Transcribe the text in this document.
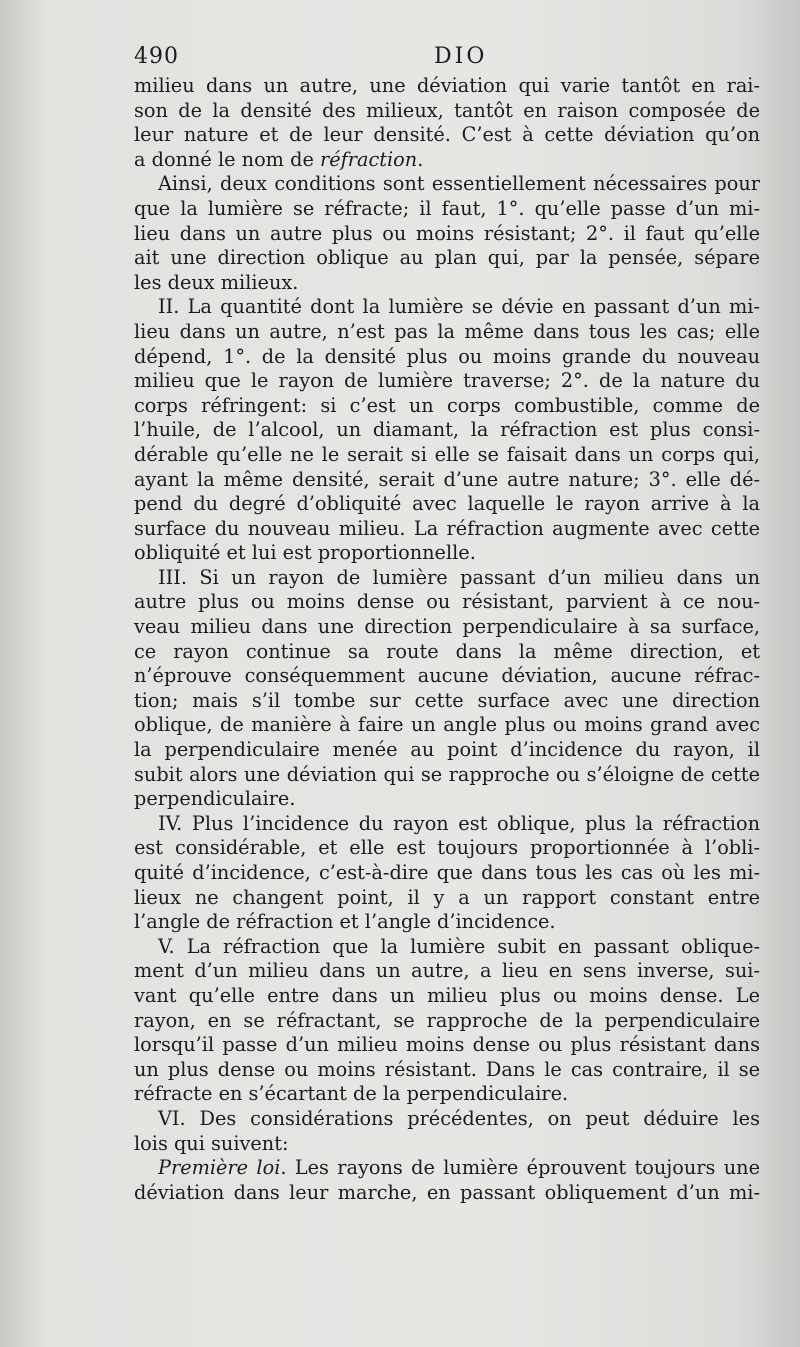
490	DIO
milieu dans un autre, une déviation qui varie tantôt en rai-
son de la densité des milieux, tantôt en raison composée de
leur nature et de leur densité. C’est à cette déviation qu’on
a donné le nom de réfraction.
Ainsi, deux conditions sont essentiellement nécessaires pour
que la lumière se réfracte; il faut, 1°. qu’elle passe d’un mi-
lieu dans un autre plus ou moins résistant; 2°. il faut qu’elle
ait une direction oblique au plan qui, par la pensée, sépare
les deux milieux.
II. La quantité dont la lumière se dévie en passant d’un mi-
lieu dans un autre, n’est pas la même dans tous les cas; elle
dépend, 1°. de la densité plus ou moins grande du nouveau
milieu que le rayon de lumière traverse; 2°. de la nature du
corps réfringent: si c’est un corps combustible, comme de
l’huile, de l’alcool, un diamant, la réfraction est plus consi-
dérable qu’elle ne le serait si elle se faisait dans un corps qui,
ayant la même densité, serait d’une autre nature; 3°. elle dé-
pend du degré d’obliquité avec laquelle le rayon arrive à la
surface du nouveau milieu. La réfraction augmente avec cette
obliquité et lui est proportionnelle.
III. Si un rayon de lumière passant d’un milieu dans un
autre plus ou moins dense ou résistant, parvient à ce nou-
veau milieu dans une direction perpendiculaire à sa surface,
ce rayon continue sa route dans la même direction, et
n’éprouve conséquemment aucune déviation, aucune réfrac-
tion; mais s’il tombe sur cette surface avec une direction
oblique, de manière à faire un angle plus ou moins grand avec
la perpendiculaire menée au point d’incidence du rayon, il
subit alors une déviation qui se rapproche ou s’éloigne de cette
perpendiculaire.
IV. Plus l’incidence du rayon est oblique, plus la réfraction
est considérable, et elle est toujours proportionnée à l’obli-
quité d’incidence, c’est-à-dire que dans tous les cas où les mi-
lieux ne changent point, il y a un rapport constant entre
l’angle de réfraction et l’angle d’incidence.
V. La réfraction que la lumière subit en passant oblique-
ment d’un milieu dans un autre, a lieu en sens inverse, sui-
vant qu’elle entre dans un milieu plus ou moins dense. Le
rayon, en se réfractant, se rapproche de la perpendiculaire
lorsqu’il passe d’un milieu moins dense ou plus résistant dans
un plus dense ou moins résistant. Dans le cas contraire, il se
réfracte en s’écartant de la perpendiculaire.
VI. Des considérations précédentes, on peut déduire les
lois qui suivent:
Première loi. Les rayons de lumière éprouvent toujours une
déviation dans leur marche, en passant obliquement d’un mi-
